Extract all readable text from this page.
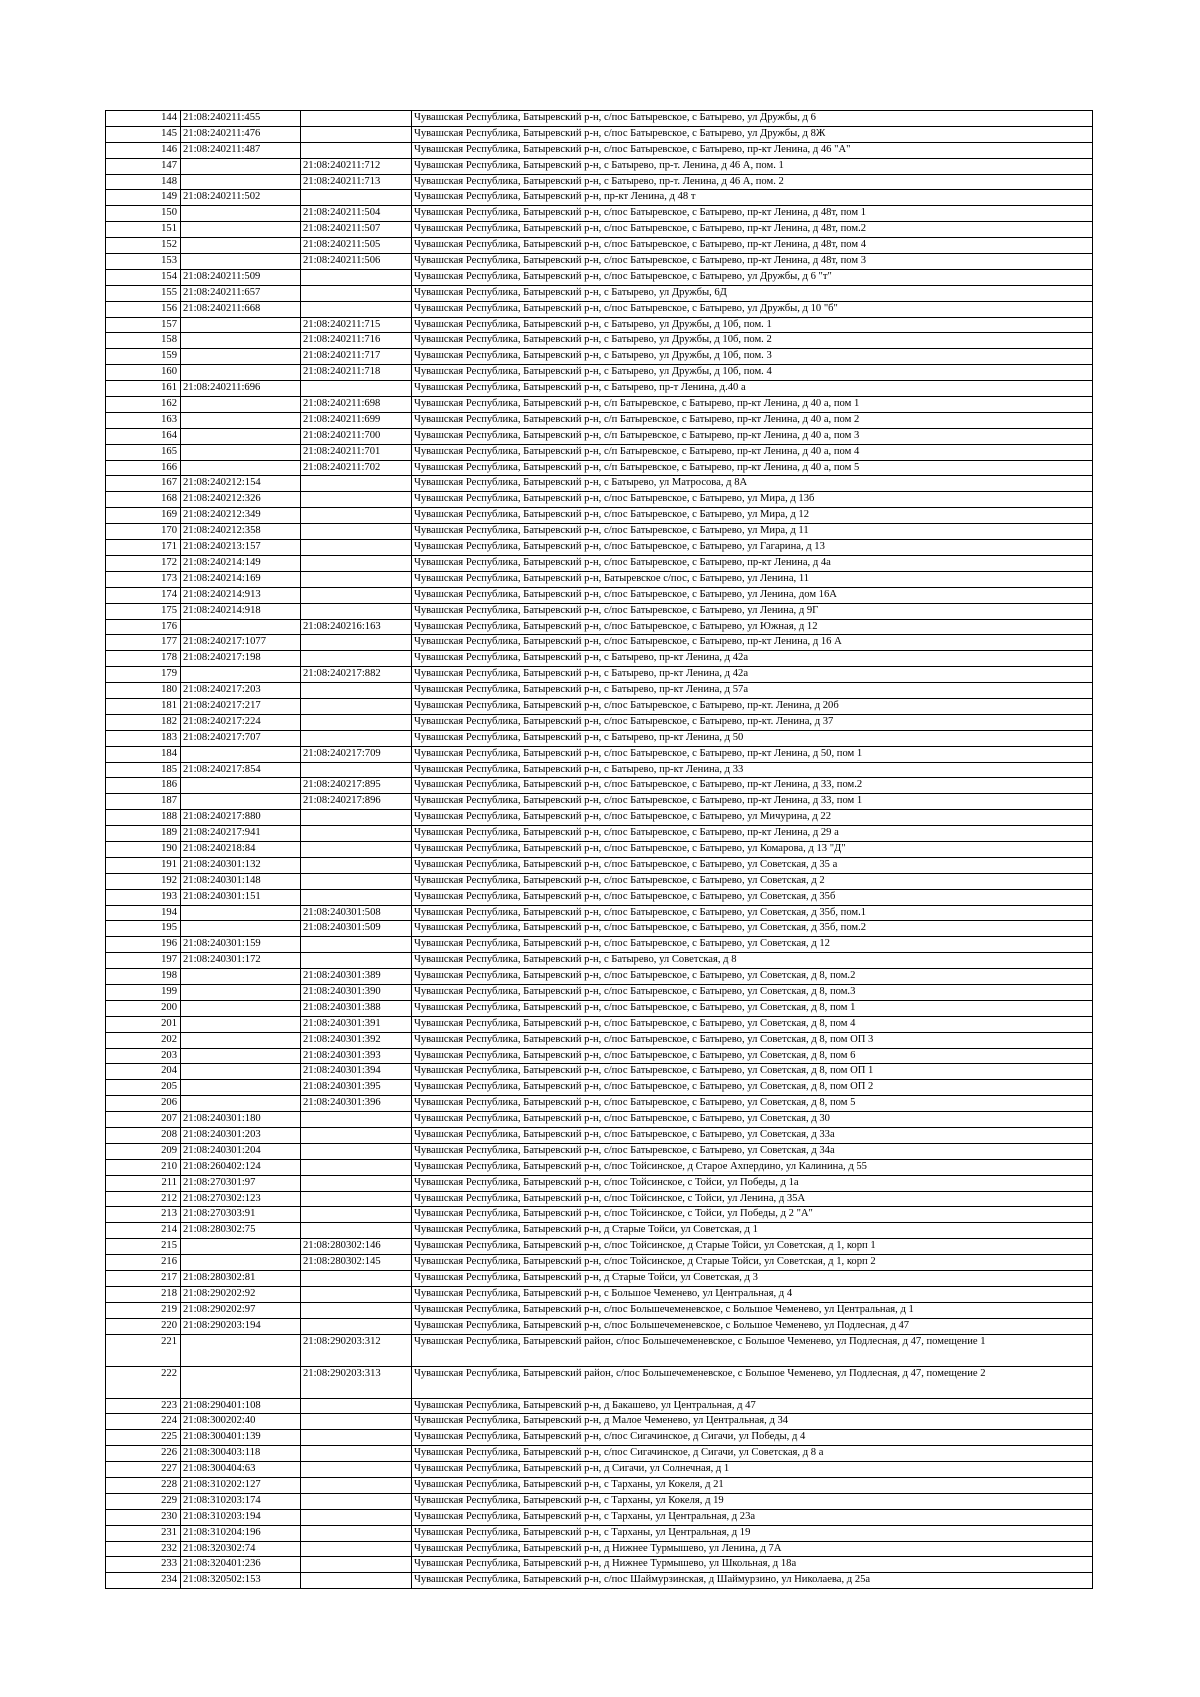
144	21:08:240211:455		Чувашская Республика, Батыревский р-н, с/пос Батыревское, с Батырево, ул Дружбы, д 6
145	21:08:240211:476		Чувашская Республика, Батыревский р-н, с/пос Батыревское, с Батырево, ул Дружбы, д 8Ж
146	21:08:240211:487		Чувашская Республика, Батыревский р-н, с/пос Батыревское, с Батырево, пр-кт Ленина, д 46 "А"
147		21:08:240211:712	Чувашская Республика, Батыревский р-н, с Батырево, пр-т. Ленина, д 46 А, пом. 1
148		21:08:240211:713	Чувашская Республика, Батыревский р-н, с Батырево, пр-т. Ленина, д 46 А, пом. 2
149	21:08:240211:502		Чувашская Республика, Батыревский р-н, пр-кт Ленина, д 48 т
150		21:08:240211:504	Чувашская Республика, Батыревский р-н, с/пос Батыревское, с Батырево, пр-кт Ленина, д 48т, пом 1
151		21:08:240211:507	Чувашская Республика, Батыревский р-н, с/пос Батыревское, с Батырево, пр-кт Ленина, д 48т, пом.2
152		21:08:240211:505	Чувашская Республика, Батыревский р-н, с/пос Батыревское, с Батырево, пр-кт Ленина, д 48т, пом 4
153		21:08:240211:506	Чувашская Республика, Батыревский р-н, с/пос Батыревское, с Батырево, пр-кт Ленина, д 48т, пом 3
154	21:08:240211:509		Чувашская Республика, Батыревский р-н, с/пос Батыревское, с Батырево, ул Дружбы, д 6 "т"
155	21:08:240211:657		Чувашская Республика, Батыревский р-н, с Батырево, ул Дружбы, 6Д
156	21:08:240211:668		Чувашская Республика, Батыревский р-н, с/пос Батыревское, с Батырево, ул Дружбы, д 10 "б"
157		21:08:240211:715	Чувашская Республика, Батыревский р-н, с Батырево, ул Дружбы, д 10б, пом. 1
158		21:08:240211:716	Чувашская Республика, Батыревский р-н, с Батырево, ул Дружбы, д 10б, пом. 2
159		21:08:240211:717	Чувашская Республика, Батыревский р-н, с Батырево, ул Дружбы, д 10б, пом. 3
160		21:08:240211:718	Чувашская Республика, Батыревский р-н, с Батырево, ул Дружбы, д 10б, пом. 4
161	21:08:240211:696		Чувашская Республика, Батыревский р-н, с Батырево, пр-т Ленина, д.40 а
162		21:08:240211:698	Чувашская Республика, Батыревский р-н, с/п Батыревское, с Батырево, пр-кт Ленина, д 40 а, пом 1
163		21:08:240211:699	Чувашская Республика, Батыревский р-н, с/п Батыревское, с Батырево, пр-кт Ленина, д 40 а, пом 2
164		21:08:240211:700	Чувашская Республика, Батыревский р-н, с/п Батыревское, с Батырево, пр-кт Ленина, д 40 а, пом 3
165		21:08:240211:701	Чувашская Республика, Батыревский р-н, с/п Батыревское, с Батырево, пр-кт Ленина, д 40 а, пом 4
166		21:08:240211:702	Чувашская Республика, Батыревский р-н, с/п Батыревское, с Батырево, пр-кт Ленина, д 40 а, пом 5
167	21:08:240212:154		Чувашская Республика, Батыревский р-н, с Батырево, ул Матросова, д 8А
168	21:08:240212:326		Чувашская Республика, Батыревский р-н, с/пос Батыревское, с Батырево, ул Мира, д 13б
169	21:08:240212:349		Чувашская Республика, Батыревский р-н, с/пос Батыревское, с Батырево, ул Мира, д 12
170	21:08:240212:358		Чувашская Республика, Батыревский р-н, с/пос Батыревское, с Батырево, ул Мира, д 11
171	21:08:240213:157		Чувашская Республика, Батыревский р-н, с/пос Батыревское, с Батырево, ул Гагарина, д 13
172	21:08:240214:149		Чувашская Республика, Батыревский р-н, с/пос Батыревское, с Батырево, пр-кт Ленина, д 4а
173	21:08:240214:169		Чувашская Республика, Батыревский р-н, Батыревское с/пос, с Батырево, ул Ленина, 11
174	21:08:240214:913		Чувашская Республика, Батыревский р-н, с/пос Батыревское, с Батырево, ул Ленина, дом 16А
175	21:08:240214:918		Чувашская Республика, Батыревский р-н, с/пос Батыревское, с Батырево, ул Ленина, д 9Г
176		21:08:240216:163	Чувашская Республика, Батыревский р-н, с/пос Батыревское, с Батырево, ул Южная, д 12
177	21:08:240217:1077		Чувашская Республика, Батыревский р-н, с/пос Батыревское, с Батырево, пр-кт Ленина, д 16 А
178	21:08:240217:198		Чувашская Республика, Батыревский р-н, с Батырево, пр-кт Ленина, д 42а
179		21:08:240217:882	Чувашская Республика, Батыревский р-н, с Батырево, пр-кт Ленина, д 42а
180	21:08:240217:203		Чувашская Республика, Батыревский р-н, с Батырево, пр-кт Ленина, д 57а
181	21:08:240217:217		Чувашская Республика, Батыревский р-н, с/пос Батыревское, с Батырево, пр-кт. Ленина, д 20б
182	21:08:240217:224		Чувашская Республика, Батыревский р-н, с/пос Батыревское, с Батырево, пр-кт. Ленина, д 37
183	21:08:240217:707		Чувашская Республика, Батыревский р-н, с Батырево, пр-кт Ленина, д 50
184		21:08:240217:709	Чувашская Республика, Батыревский р-н, с/пос Батыревское, с Батырево, пр-кт Ленина, д 50, пом 1
185	21:08:240217:854		Чувашская Республика, Батыревский р-н, с Батырево, пр-кт Ленина, д 33
186		21:08:240217:895	Чувашская Республика, Батыревский р-н, с/пос Батыревское, с Батырево, пр-кт Ленина, д 33, пом.2
187		21:08:240217:896	Чувашская Республика, Батыревский р-н, с/пос Батыревское, с Батырево, пр-кт Ленина, д 33, пом 1
188	21:08:240217:880		Чувашская Республика, Батыревский р-н, с/пос Батыревское, с Батырево, ул Мичурина, д 22
189	21:08:240217:941		Чувашская Республика, Батыревский р-н, с/пос Батыревское, с Батырево, пр-кт Ленина, д 29 а
190	21:08:240218:84		Чувашская Республика, Батыревский р-н, с/пос Батыревское, с Батырево, ул Комарова, д 13 "Д"
191	21:08:240301:132		Чувашская Республика, Батыревский р-н, с/пос Батыревское, с Батырево, ул Советская, д 35 а
192	21:08:240301:148		Чувашская Республика, Батыревский р-н, с/пос Батыревское, с Батырево, ул Советская, д 2
193	21:08:240301:151		Чувашская Республика, Батыревский р-н, с/пос Батыревское, с Батырево, ул Советская, д 35б
194		21:08:240301:508	Чувашская Республика, Батыревский р-н, с/пос Батыревское, с Батырево, ул Советская, д 35б, пом.1
195		21:08:240301:509	Чувашская Республика, Батыревский р-н, с/пос Батыревское, с Батырево, ул Советская, д 35б, пом.2
196	21:08:240301:159		Чувашская Республика, Батыревский р-н, с/пос Батыревское, с Батырево, ул Советская, д 12
197	21:08:240301:172		Чувашская Республика, Батыревский р-н, с Батырево, ул Советская, д 8
198		21:08:240301:389	Чувашская Республика, Батыревский р-н, с/пос Батыревское, с Батырево, ул Советская, д 8, пом.2
199		21:08:240301:390	Чувашская Республика, Батыревский р-н, с/пос Батыревское, с Батырево, ул Советская, д 8, пом.3
200		21:08:240301:388	Чувашская Республика, Батыревский р-н, с/пос Батыревское, с Батырево, ул Советская, д 8, пом 1
201		21:08:240301:391	Чувашская Республика, Батыревский р-н, с/пос Батыревское, с Батырево, ул Советская, д 8, пом 4
202		21:08:240301:392	Чувашская Республика, Батыревский р-н, с/пос Батыревское, с Батырево, ул Советская, д 8, пом ОП 3
203		21:08:240301:393	Чувашская Республика, Батыревский р-н, с/пос Батыревское, с Батырево, ул Советская, д 8, пом 6
204		21:08:240301:394	Чувашская Республика, Батыревский р-н, с/пос Батыревское, с Батырево, ул Советская, д 8, пом ОП 1
205		21:08:240301:395	Чувашская Республика, Батыревский р-н, с/пос Батыревское, с Батырево, ул Советская, д 8, пом ОП 2
206		21:08:240301:396	Чувашская Республика, Батыревский р-н, с/пос Батыревское, с Батырево, ул Советская, д 8, пом 5
207	21:08:240301:180		Чувашская Республика, Батыревский р-н, с/пос Батыревское, с Батырево, ул Советская, д 30
208	21:08:240301:203		Чувашская Республика, Батыревский р-н, с/пос Батыревское, с Батырево, ул Советская, д 33а
209	21:08:240301:204		Чувашская Республика, Батыревский р-н, с/пос Батыревское, с Батырево, ул Советская, д 34а
210	21:08:260402:124		Чувашская Республика, Батыревский р-н, с/пос Тойсинское, д Старое Ахпердино, ул Калинина, д 55
211	21:08:270301:97		Чувашская Республика, Батыревский р-н, с/пос Тойсинское, с Тойси, ул Победы, д 1а
212	21:08:270302:123		Чувашская Республика, Батыревский р-н, с/пос Тойсинское, с Тойси, ул Ленина, д 35А
213	21:08:270303:91		Чувашская Республика, Батыревский р-н, с/пос Тойсинское, с Тойси, ул Победы, д 2 "А"
214	21:08:280302:75		Чувашская Республика, Батыревский р-н, д Старые Тойси, ул Советская, д 1
215		21:08:280302:146	Чувашская Республика, Батыревский р-н, с/пос Тойсинское, д Старые Тойси, ул Советская, д 1, корп 1
216		21:08:280302:145	Чувашская Республика, Батыревский р-н, с/пос Тойсинское, д Старые Тойси, ул Советская, д 1, корп 2
217	21:08:280302:81		Чувашская Республика, Батыревский р-н, д Старые Тойси, ул Советская, д 3
218	21:08:290202:92		Чувашская Республика, Батыревский р-н, с Большое Чеменево, ул Центральная, д 4
219	21:08:290202:97		Чувашская Республика, Батыревский р-н, с/пос Большечеменевское, с Большое Чеменево, ул Центральная, д 1
220	21:08:290203:194		Чувашская Республика, Батыревский р-н, с/пос Большечеменевское, с Большое Чеменево, ул Подлесная, д 47
221		21:08:290203:312	Чувашская Республика, Батыревский район, с/пос Большечеменевское, с Большое Чеменево, ул Подлесная, д 47, помещение 1
222		21:08:290203:313	Чувашская Республика, Батыревский район, с/пос Большечеменевское, с Большое Чеменево, ул Подлесная, д 47, помещение 2
223	21:08:290401:108		Чувашская Республика, Батыревский р-н, д Бакашево, ул Центральная, д 47
224	21:08:300202:40		Чувашская Республика, Батыревский р-н, д Малое Чеменево, ул Центральная, д 34
225	21:08:300401:139		Чувашская Республика, Батыревский р-н, с/пос Сигачинское, д Сигачи, ул Победы, д 4
226	21:08:300403:118		Чувашская Республика, Батыревский р-н, с/пос Сигачинское, д Сигачи, ул Советская, д 8 а
227	21:08:300404:63		Чувашская Республика, Батыревский р-н, д Сигачи, ул Солнечная, д 1
228	21:08:310202:127		Чувашская Республика, Батыревский р-н, с Тарханы, ул Кокеля, д 21
229	21:08:310203:174		Чувашская Республика, Батыревский р-н, с Тарханы, ул Кокеля, д 19
230	21:08:310203:194		Чувашская Республика, Батыревский р-н, с Тарханы, ул Центральная, д 23а
231	21:08:310204:196		Чувашская Республика, Батыревский р-н, с Тарханы, ул Центральная, д 19
232	21:08:320302:74		Чувашская Республика, Батыревский р-н, д Нижнее Турмышево, ул Ленина, д 7А
233	21:08:320401:236		Чувашская Республика, Батыревский р-н, д Нижнее Турмышево, ул Школьная, д 18а
234	21:08:320502:153		Чувашская Республика, Батыревский р-н, с/пос Шаймурзинская, д Шаймурзино, ул Николаева, д 25а
